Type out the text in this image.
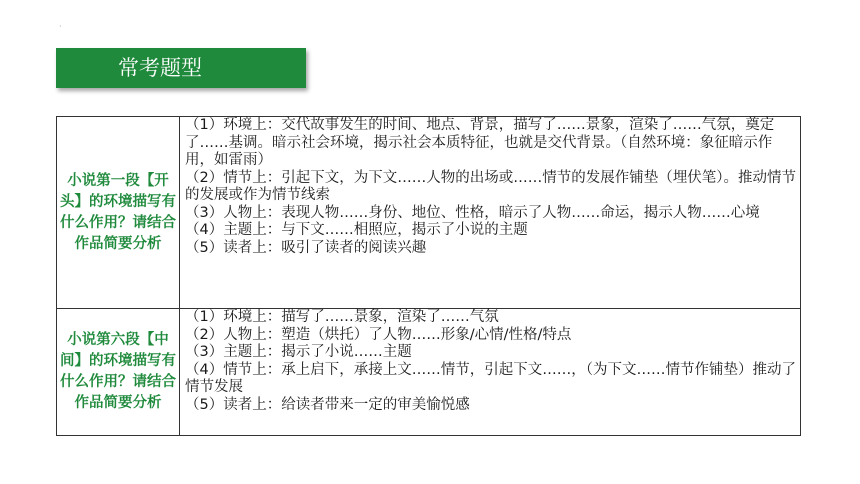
·
常考题型
小说第一段【开头】的环境描写有什么作用？请结合作品简要分析	（1）环境上：交代故事发生的时间、地点、背景，描写了……景象，渲染了……气氛，奠定了……基调。暗示社会环境，揭示社会本质特征，也就是交代背景。（自然环境：象征暗示作用，如雷雨）
（2）情节上：引起下文，为下文……人物的出场或……情节的发展作铺垫（埋伏笔）。推动情节的发展或作为情节线索
（3）人物上：表现人物……身份、地位、性格，暗示了人物……命运，揭示人物……心境
（4）主题上：与下文……相照应，揭示了小说的主题
（5）读者上：吸引了读者的阅读兴趣

小说第六段【中间】的环境描写有什么作用？请结合作品简要分析	（1）环境上：描写了……景象，渲染了……气氛
（2）人物上：塑造（烘托）了人物……形象/心情/性格/特点
（3）主题上：揭示了小说……主题
（4）情节上：承上启下，承接上文……情节，引起下文……，（为下文……情节作铺垫）推动了情节发展
（5）读者上：给读者带来一定的审美愉悦感
